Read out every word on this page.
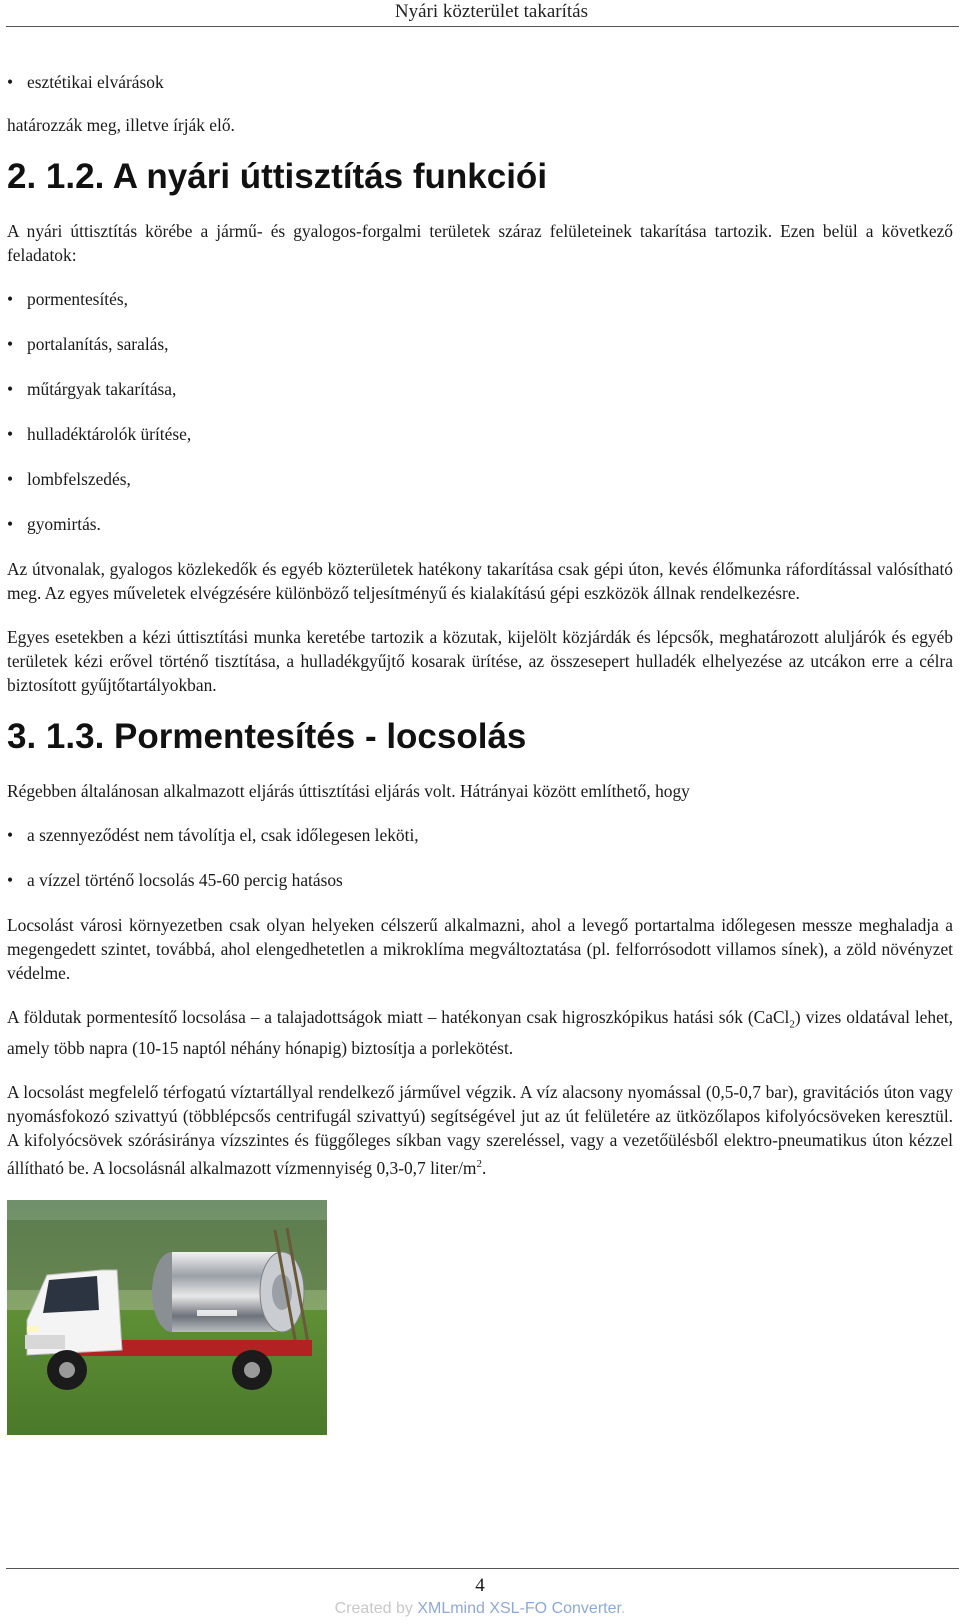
Nyári közterület takarítás
• esztétikai elvárások

határozzák meg, illetve írják elő.

2. 1.2. A nyári úttisztítás funkciói

A nyári úttisztítás körébe a jármű- és gyalogos-forgalmi területek száraz felületeinek takarítása tartozik. Ezen belül a következő feladatok:

• pormentesítés,
• portalanítás, saralás,
• műtárgyak takarítása,
• hulladéktárolók ürítése,
• lombfelszedés,
• gyomirtás.

Az útvonalak, gyalogos közlekedők és egyéb közterületek hatékony takarítása csak gépi úton, kevés élőmunka ráfordítással valósítható meg. Az egyes műveletek elvégzésére különböző teljesítményű és kialakítású gépi eszközök állnak rendelkezésre.

Egyes esetekben a kézi úttisztítási munka keretébe tartozik a közutak, kijelölt közjárdák és lépcsők, meghatározott aluljárók és egyéb területek kézi erővel történő tisztítása, a hulladékgyűjtő kosarak ürítése, az összesepert hulladék elhelyezése az utcákon erre a célra biztosított gyűjtőtartályokban.

3. 1.3. Pormentesítés - locsolás

Régebben általánosan alkalmazott eljárás úttisztítási eljárás volt. Hátrányai között említhető, hogy

• a szennyeződést nem távolítja el, csak időlegesen leköti,
• a vízzel történő locsolás 45-60 percig hatásos

Locsolást városi környezetben csak olyan helyeken célszerű alkalmazni, ahol a levegő portartalma időlegesen messze meghaladja a megengedett szintet, továbbá, ahol elengedhetetlen a mikroklíma megváltoztatása (pl. felforrósodott villamos sínek), a zöld növényzet védelme.

A földutak pormentesítő locsolása – a talajadottságok miatt – hatékonyan csak higroszkópikus hatási sók (CaCl$_2$) vizes oldatával lehet, amely több napra (10-15 naptól néhány hónapig) biztosítja a porlekötést.

A locsolást megfelelő térfogatú víztartállyal rendelkező járművel végzik. A víz alacsony nyomással (0,5-0,7 bar), gravitációs úton vagy nyomásfokozó szivattyú (többlépcsős centrifugál szivattyú) segítségével jut az út felületére az ütközőlapos kifolyócsöveken keresztül. A kifolyócsövek szórásiránya vízszintes és függőleges síkban vagy szereléssel, vagy a vezetőülésből elektro-pneumatikus úton kézzel állítható be. A locsolásnál alkalmazott vízmennyiség 0,3-0,7 liter/$m^2$.

4
Created by XMLmind XSL-FO Converter.
